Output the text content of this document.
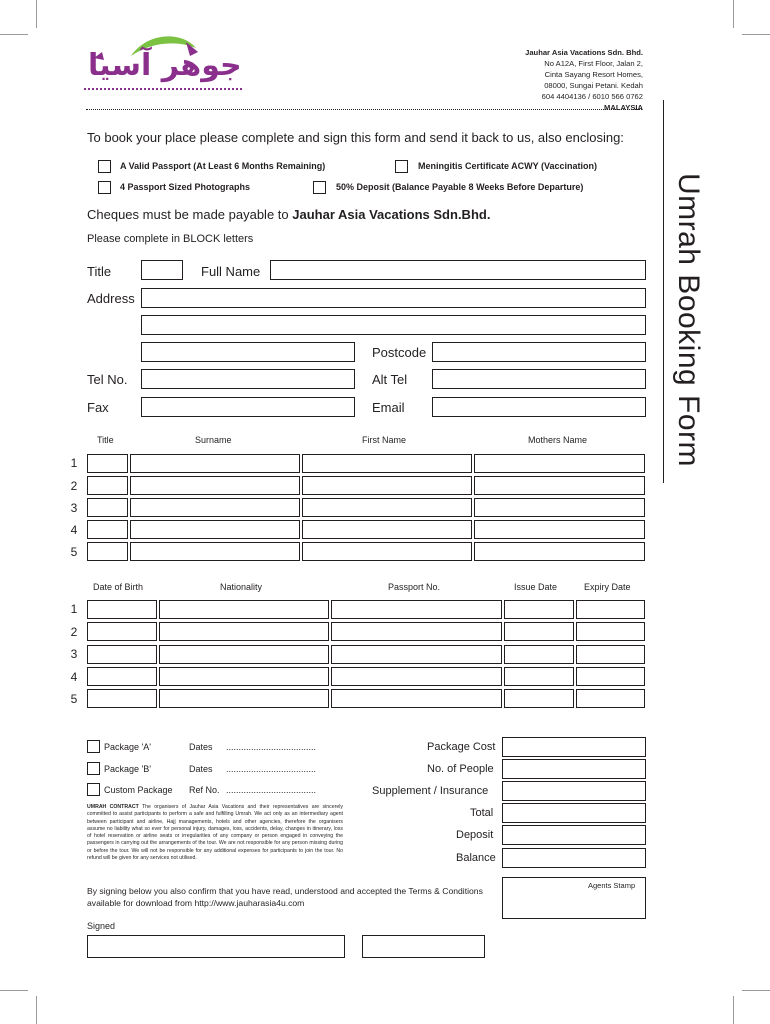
جوهر آسيا	Jauhar Asia Vacations Sdn. Bhd.
No A12A, First Floor, Jalan 2,
Cinta Sayang Resort Homes,
08000, Sungai Petani. Kedah
604 4404136 / 6010 566 0762
MALAYSIA
Umrah Booking Form
To book your place please complete and sign this form and send it back to us, also enclosing:
A Valid Passport (At Least 6 Months Remaining)	Meningitis Certificate ACWY (Vaccination)
4 Passport Sized Photographs	50% Deposit (Balance Payable 8 Weeks Before Departure)
Cheques must be made payable to Jauhar Asia Vacations Sdn.Bhd.
Please complete in BLOCK letters
Title	Full Name
Address
Postcode
Tel No.	Alt Tel
Fax	Email
Title	Surname	First Name	Mothers Name
1
2
3
4
5
Date of Birth	Nationality	Passport No.	Issue Date	Expiry Date
1
2
3
4
5
Package 'A'	Dates ....................................
Package 'B'	Dates ....................................
Custom Package Ref No. ....................................
Package Cost
No. of People
Supplement / Insurance
Total
Deposit
Balance
UMRAH CONTRACT The organisers of Jauhar Asia Vacations and their representatives are sincerely committed to assist participants to perform a safe and fulfilling Umrah. We act only as an intermediary agent between participant and airline, Hajj managements, hotels and other agencies, therefore the organisers assume no liability what so ever for personal injury, damages, loss, accidents, delay, changes in itinerary, loss of hotel reservation or airline seats or irregularities of any company or person engaged in conveying the passengers in carrying out the arrangements of the tour. We are not responsible for any person missing during or before the tour. We will not be responsible for any additional expenses for participants to join the tour. No refund will be given for any services not utilised.
By signing below you also confirm that you have read, understood and accepted the Terms & Conditions available for download from http://www.jauharasia4u.com
Agents Stamp
Signed
